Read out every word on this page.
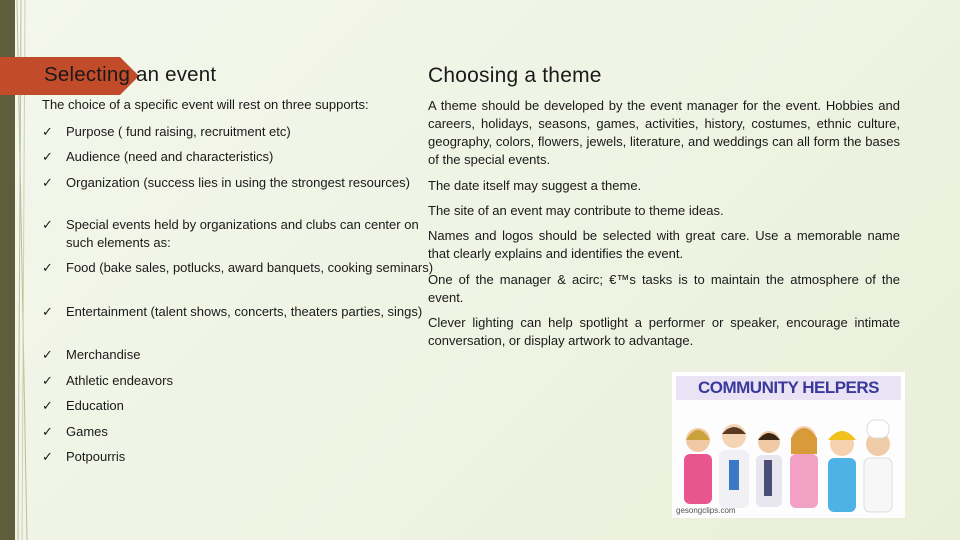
Selecting an event	Choosing a theme
The choice of a specific event will rest on three supports:
✓ Purpose ( fund raising, recruitment etc)
✓ Audience (need and characteristics)
✓ Organization (success lies in using the strongest resources)
✓ Special events held by organizations and clubs can center on such elements as:
✓ Food (bake sales, potlucks, award banquets, cooking seminars)
✓ Entertainment (talent shows, concerts, theaters parties, sings)
✓ Merchandise
✓ Athletic endeavors
✓ Education
✓ Games
✓ Potpourris
A theme should be developed by the event manager for the event. Hobbies and careers, holidays, seasons, games, activities, history, costumes, ethnic culture, geography, colors, flowers, jewels, literature, and weddings can all form the bases of the special events.
The date itself may suggest a theme.
The site of an event may contribute to theme ideas.
Names and logos should be selected with great care. Use a memorable name that clearly explains and identifies the event.
One of the manager & acirc; €™s tasks is to maintain the atmosphere of the event.
Clever lighting can help spotlight a performer or speaker, encourage intimate conversation, or display artwork to advantage.
COMMUNITY HELPERS
gesongclips.com
